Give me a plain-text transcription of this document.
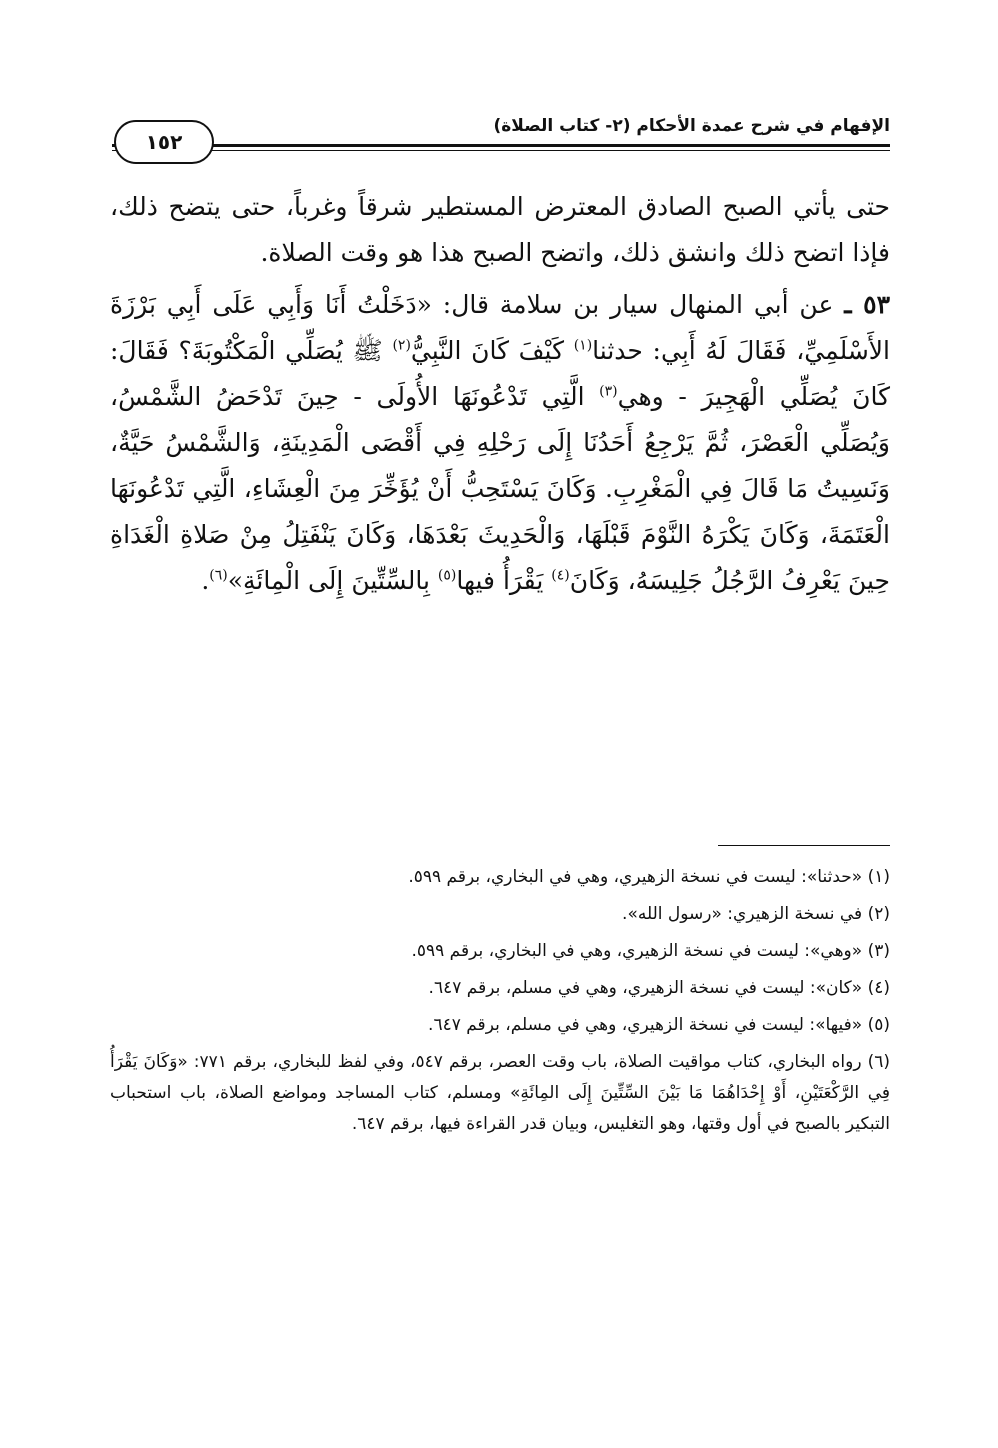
الإفهام في شرح عمدة الأحكام (٢- كتاب الصلاة)
١٥٢

حتى يأتي الصبح الصادق المعترض المستطير شرقاً وغرباً، حتى يتضح ذلك، فإذا اتضح ذلك وانشق ذلك، واتضح الصبح هذا هو وقت الصلاة.

٥٣ ـ عن أبي المنهال سيار بن سلامة قال: «دَخَلْتُ أَنَا وَأَبِي عَلَى أَبِي بَرْزَةَ الأَسْلَمِيِّ، فَقَالَ لَهُ أَبِي: حدثنا$^{(١)}$ كَيْفَ كَانَ النَّبِيُّ$^{(٢)}$ ﷺ يُصَلِّي الْمَكْتُوبَةَ؟ فَقَالَ: كَانَ يُصَلِّي الْهَجِيرَ - وهي$^{(٣)}$ الَّتِي تَدْعُونَهَا الأُولَى - حِينَ تَدْحَضُ الشَّمْسُ، وَيُصَلِّي الْعَصْرَ، ثُمَّ يَرْجِعُ أَحَدُنَا إِلَى رَحْلِهِ فِي أَقْصَى الْمَدِينَةِ، وَالشَّمْسُ حَيَّةٌ، وَنَسِيتُ مَا قَالَ فِي الْمَغْرِبِ. وَكَانَ يَسْتَحِبُّ أَنْ يُؤَخِّرَ مِنَ الْعِشَاءِ، الَّتِي تَدْعُونَهَا الْعَتَمَةَ، وَكَانَ يَكْرَهُ النَّوْمَ قَبْلَهَا، وَالْحَدِيثَ بَعْدَهَا، وَكَانَ يَنْفَتِلُ مِنْ صَلاةِ الْغَدَاةِ حِينَ يَعْرِفُ الرَّجُلُ جَلِيسَهُ، وَكَانَ$^{(٤)}$ يَقْرَأُ فيها$^{(٥)}$ بِالسِّتِّينَ إِلَى الْمِائَةِ»$^{(٦)}$.

(١) «حدثنا»: ليست في نسخة الزهيري، وهي في البخاري، برقم ٥٩٩.

(٢) في نسخة الزهيري: «رسول الله».

(٣) «وهي»: ليست في نسخة الزهيري، وهي في البخاري، برقم ٥٩٩.

(٤) «كان»: ليست في نسخة الزهيري، وهي في مسلم، برقم ٦٤٧.

(٥) «فيها»: ليست في نسخة الزهيري، وهي في مسلم، برقم ٦٤٧.

(٦) رواه البخاري، كتاب مواقيت الصلاة، باب وقت العصر، برقم ٥٤٧، وفي لفظ للبخاري، برقم ٧٧١: «وَكَانَ يَقْرَأُ فِي الرَّكْعَتَيْنِ، أَوْ إِحْدَاهُمَا مَا بَيْنَ السِّتِّينَ إِلَى المِائَةِ» ومسلم، كتاب المساجد ومواضع الصلاة، باب استحباب التبكير بالصبح في أول وقتها، وهو التغليس، وبيان قدر القراءة فيها، برقم ٦٤٧.
